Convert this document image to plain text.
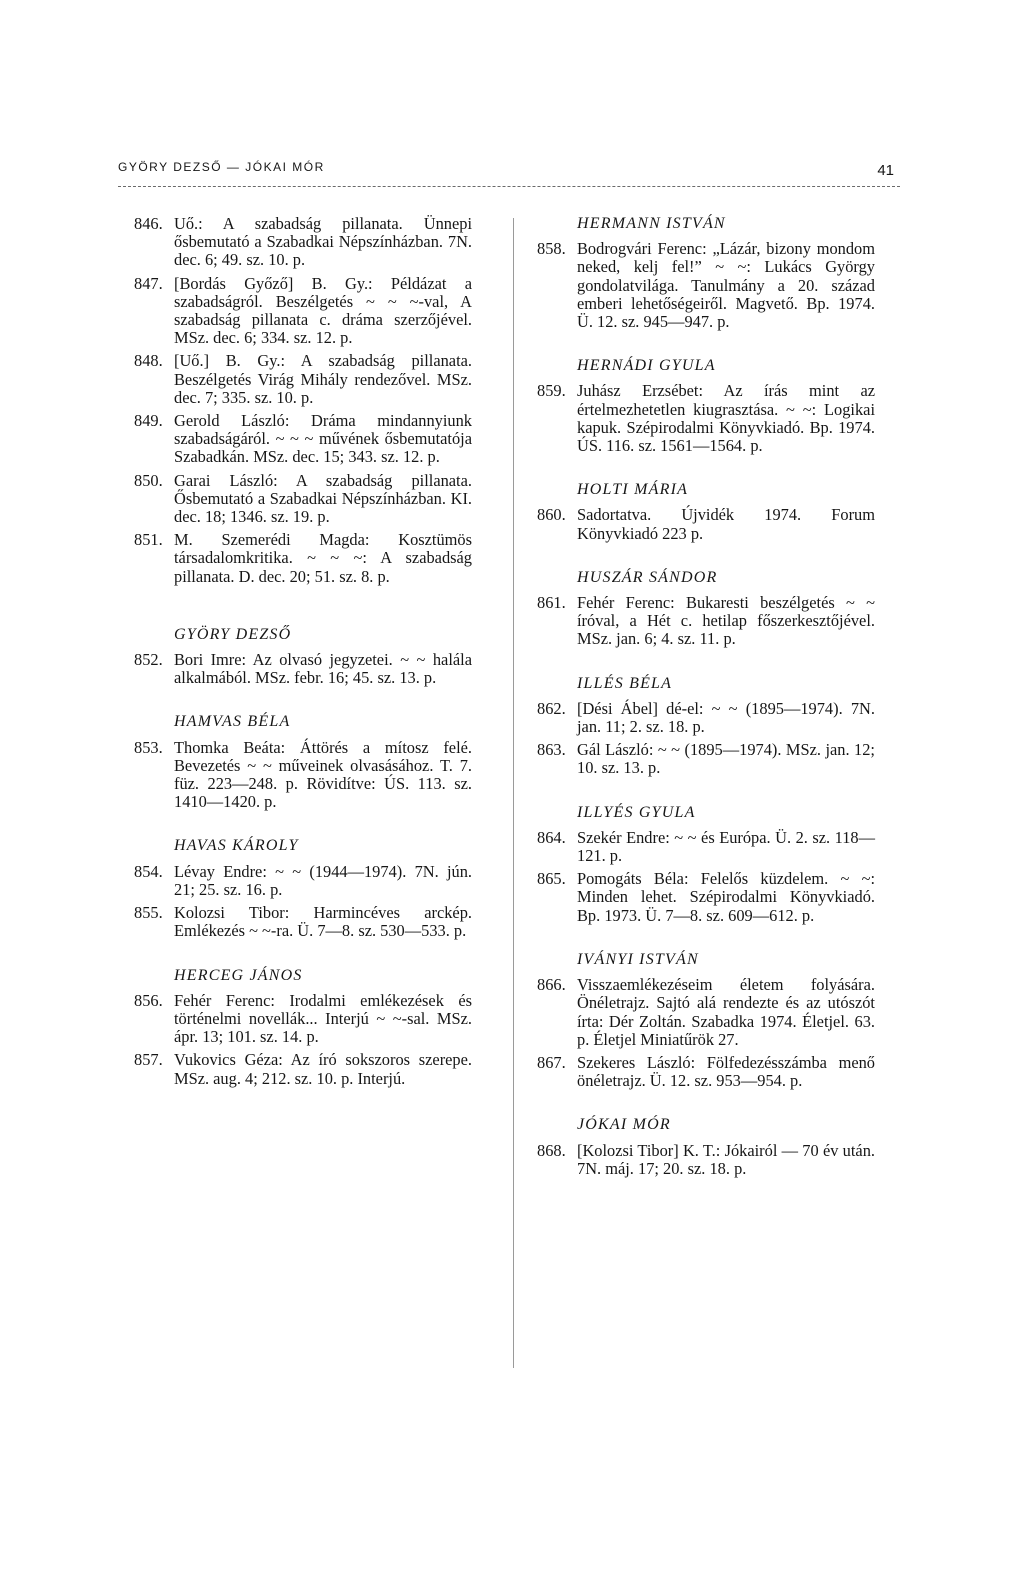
GYÖRY DEZSŐ — JÓKAI MÓR	41
846. Uő.: A szabadság pillanata. Ünnepi ősbemutató a Szabadkai Népszínházban. 7N. dec. 6; 49. sz. 10. p.
847. [Bordás Győző] B. Gy.: Példázat a szabadságról. Beszélgetés ~ ~ ~-val, A szabadság pillanata c. dráma szerzőjével. MSz. dec. 6; 334. sz. 12. p.
848. [Uő.] B. Gy.: A szabadság pillanata. Beszélgetés Virág Mihály rendezővel. MSz. dec. 7; 335. sz. 10. p.
849. Gerold László: Dráma mindannyiunk szabadságáról. ~ ~ ~ művének ősbemutatója Szabadkán. MSz. dec. 15; 343. sz. 12. p.
850. Garai László: A szabadság pillanata. Ősbemutató a Szabadkai Népszínházban. KI. dec. 18; 1346. sz. 19. p.
851. M. Szemerédi Magda: Kosztümös társadalomkritika. ~ ~ ~: A szabadság pillanata. D. dec. 20; 51. sz. 8. p.
GYÖRY DEZSŐ
852. Bori Imre: Az olvasó jegyzetei. ~ ~ halála alkalmából. MSz. febr. 16; 45. sz. 13. p.
HAMVAS BÉLA
853. Thomka Beáta: Áttörés a mítosz felé. Bevezetés ~ ~ műveinek olvasásához. T. 7. füz. 223—248. p. Rövidítve: ÚS. 113. sz. 1410—1420. p.
HAVAS KÁROLY
854. Lévay Endre: ~ ~ (1944—1974). 7N. jún. 21; 25. sz. 16. p.
855. Kolozsi Tibor: Harmincéves arckép. Emlékezés ~ ~-ra. Ü. 7—8. sz. 530—533. p.
HERCEG JÁNOS
856. Fehér Ferenc: Irodalmi emlékezések és történelmi novellák... Interjú ~ ~-sal. MSz. ápr. 13; 101. sz. 14. p.
857. Vukovics Géza: Az író sokszoros szerepe. MSz. aug. 4; 212. sz. 10. p. Interjú.
HERMANN ISTVÁN
858. Bodrogvári Ferenc: „Lázár, bizony mondom neked, kelj fel!” ~ ~: Lukács György gondolatvilága. Tanulmány a 20. század emberi lehetőségeiről. Magvető. Bp. 1974. Ü. 12. sz. 945—947. p.
HERNÁDI GYULA
859. Juhász Erzsébet: Az írás mint az értelmezhetetlen kiugrasztása. ~ ~: Logikai kapuk. Szépirodalmi Könyvkiadó. Bp. 1974. ÚS. 116. sz. 1561—1564. p.
HOLTI MÁRIA
860. Sadortatva. Újvidék 1974. Forum Könyvkiadó 223 p.
HUSZÁR SÁNDOR
861. Fehér Ferenc: Bukaresti beszélgetés ~ ~ íróval, a Hét c. hetilap főszerkesztőjével. MSz. jan. 6; 4. sz. 11. p.
ILLÉS BÉLA
862. [Dési Ábel] dé-el: ~ ~ (1895—1974). 7N. jan. 11; 2. sz. 18. p.
863. Gál László: ~ ~ (1895—1974). MSz. jan. 12; 10. sz. 13. p.
ILLYÉS GYULA
864. Szekér Endre: ~ ~ és Európa. Ü. 2. sz. 118—121. p.
865. Pomogáts Béla: Felelős küzdelem. ~ ~: Minden lehet. Szépirodalmi Könyvkiadó. Bp. 1973. Ü. 7—8. sz. 609—612. p.
IVÁNYI ISTVÁN
866. Visszaemlékezéseim életem folyására. Önéletrajz. Sajtó alá rendezte és az utószót írta: Dér Zoltán. Szabadka 1974. Életjel. 63. p. Életjel Miniatűrök 27.
867. Szekeres László: Fölfedezésszámba menő önéletrajz. Ü. 12. sz. 953—954. p.
JÓKAI MÓR
868. [Kolozsi Tibor] K. T.: Jókairól — 70 év után. 7N. máj. 17; 20. sz. 18. p.
